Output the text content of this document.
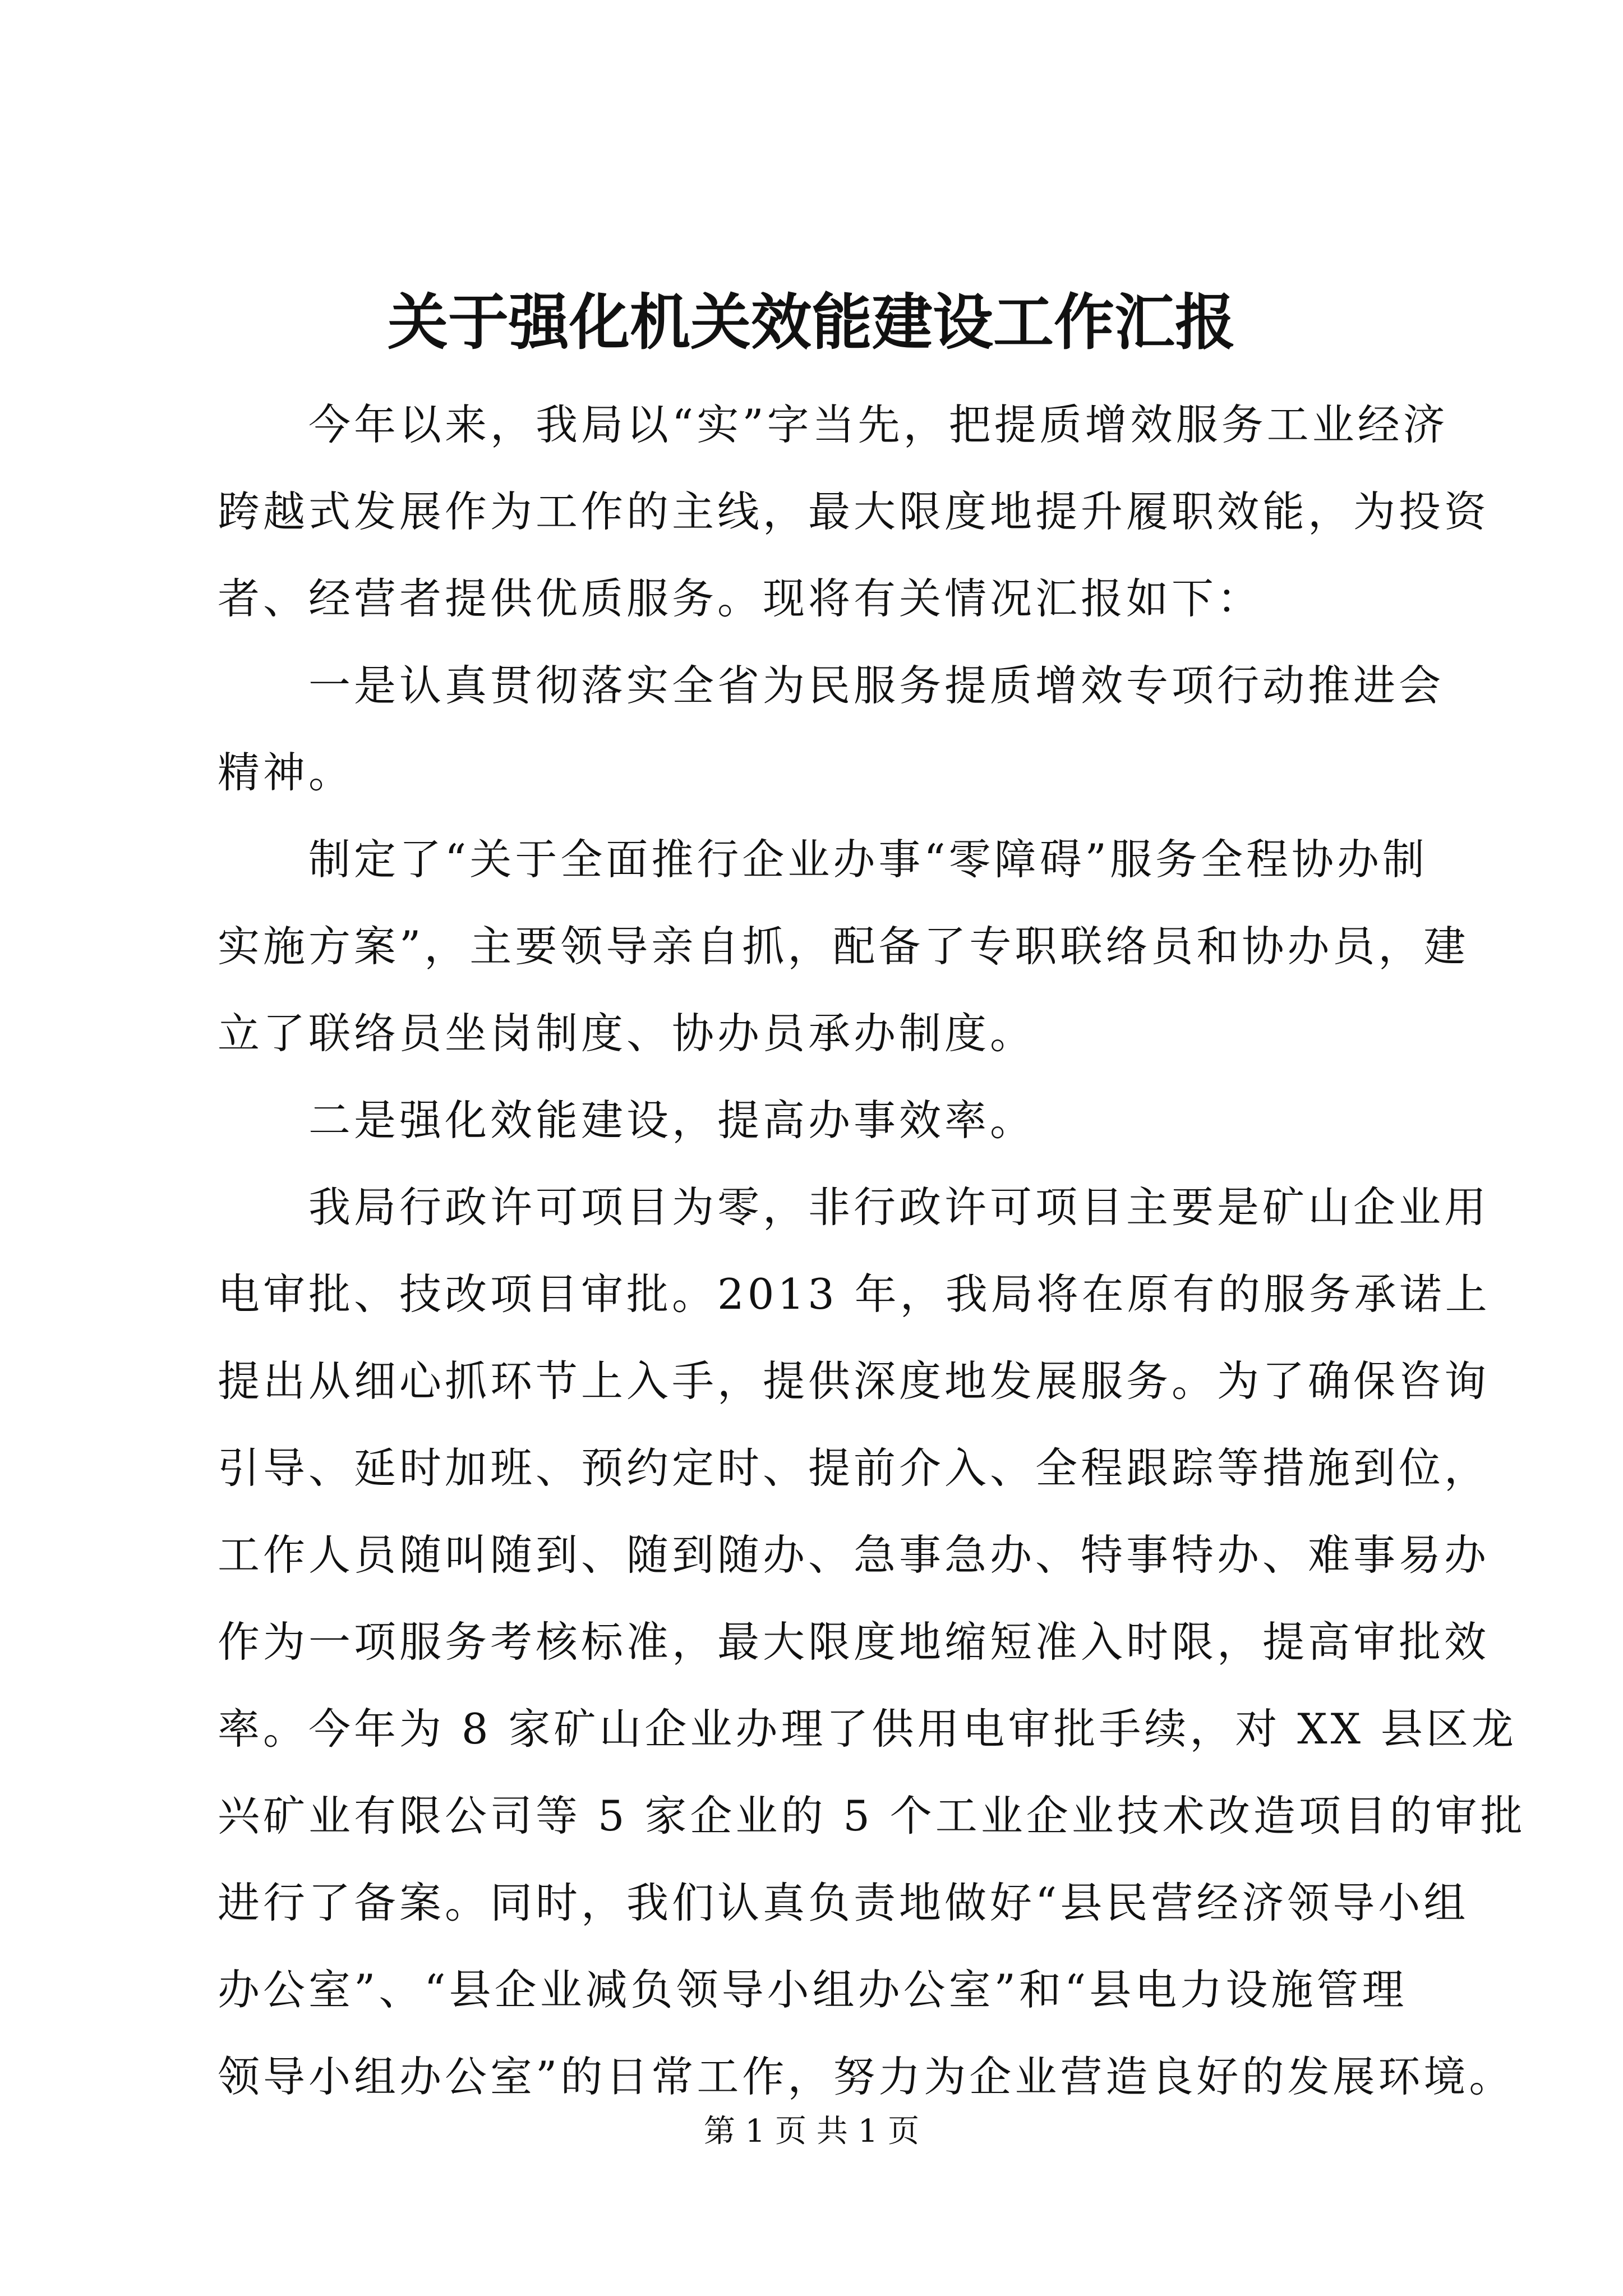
关于强化机关效能建设工作汇报

今年以来，我局以“实”字当先，把提质增效服务工业经济
跨越式发展作为工作的主线，最大限度地提升履职效能，为投资
者、经营者提供优质服务。现将有关情况汇报如下：

一是认真贯彻落实全省为民服务提质增效专项行动推进会
精神。

制定了“关于全面推行企业办事“零障碍”服务全程协办制
实施方案”，主要领导亲自抓，配备了专职联络员和协办员，建
立了联络员坐岗制度、协办员承办制度。

二是强化效能建设，提高办事效率。

我局行政许可项目为零，非行政许可项目主要是矿山企业用
电审批、技改项目审批。2013 年，我局将在原有的服务承诺上
提出从细心抓环节上入手，提供深度地发展服务。为了确保咨询
引导、延时加班、预约定时、提前介入、全程跟踪等措施到位，
工作人员随叫随到、随到随办、急事急办、特事特办、难事易办
作为一项服务考核标准，最大限度地缩短准入时限，提高审批效
率。今年为 8 家矿山企业办理了供用电审批手续，对 XX 县区龙
兴矿业有限公司等 5 家企业的 5 个工业企业技术改造项目的审批
进行了备案。同时，我们认真负责地做好“县民营经济领导小组
办公室”、“县企业减负领导小组办公室”和“县电力设施管理
领导小组办公室”的日常工作，努力为企业营造良好的发展环境。

第 1 页 共 1 页
